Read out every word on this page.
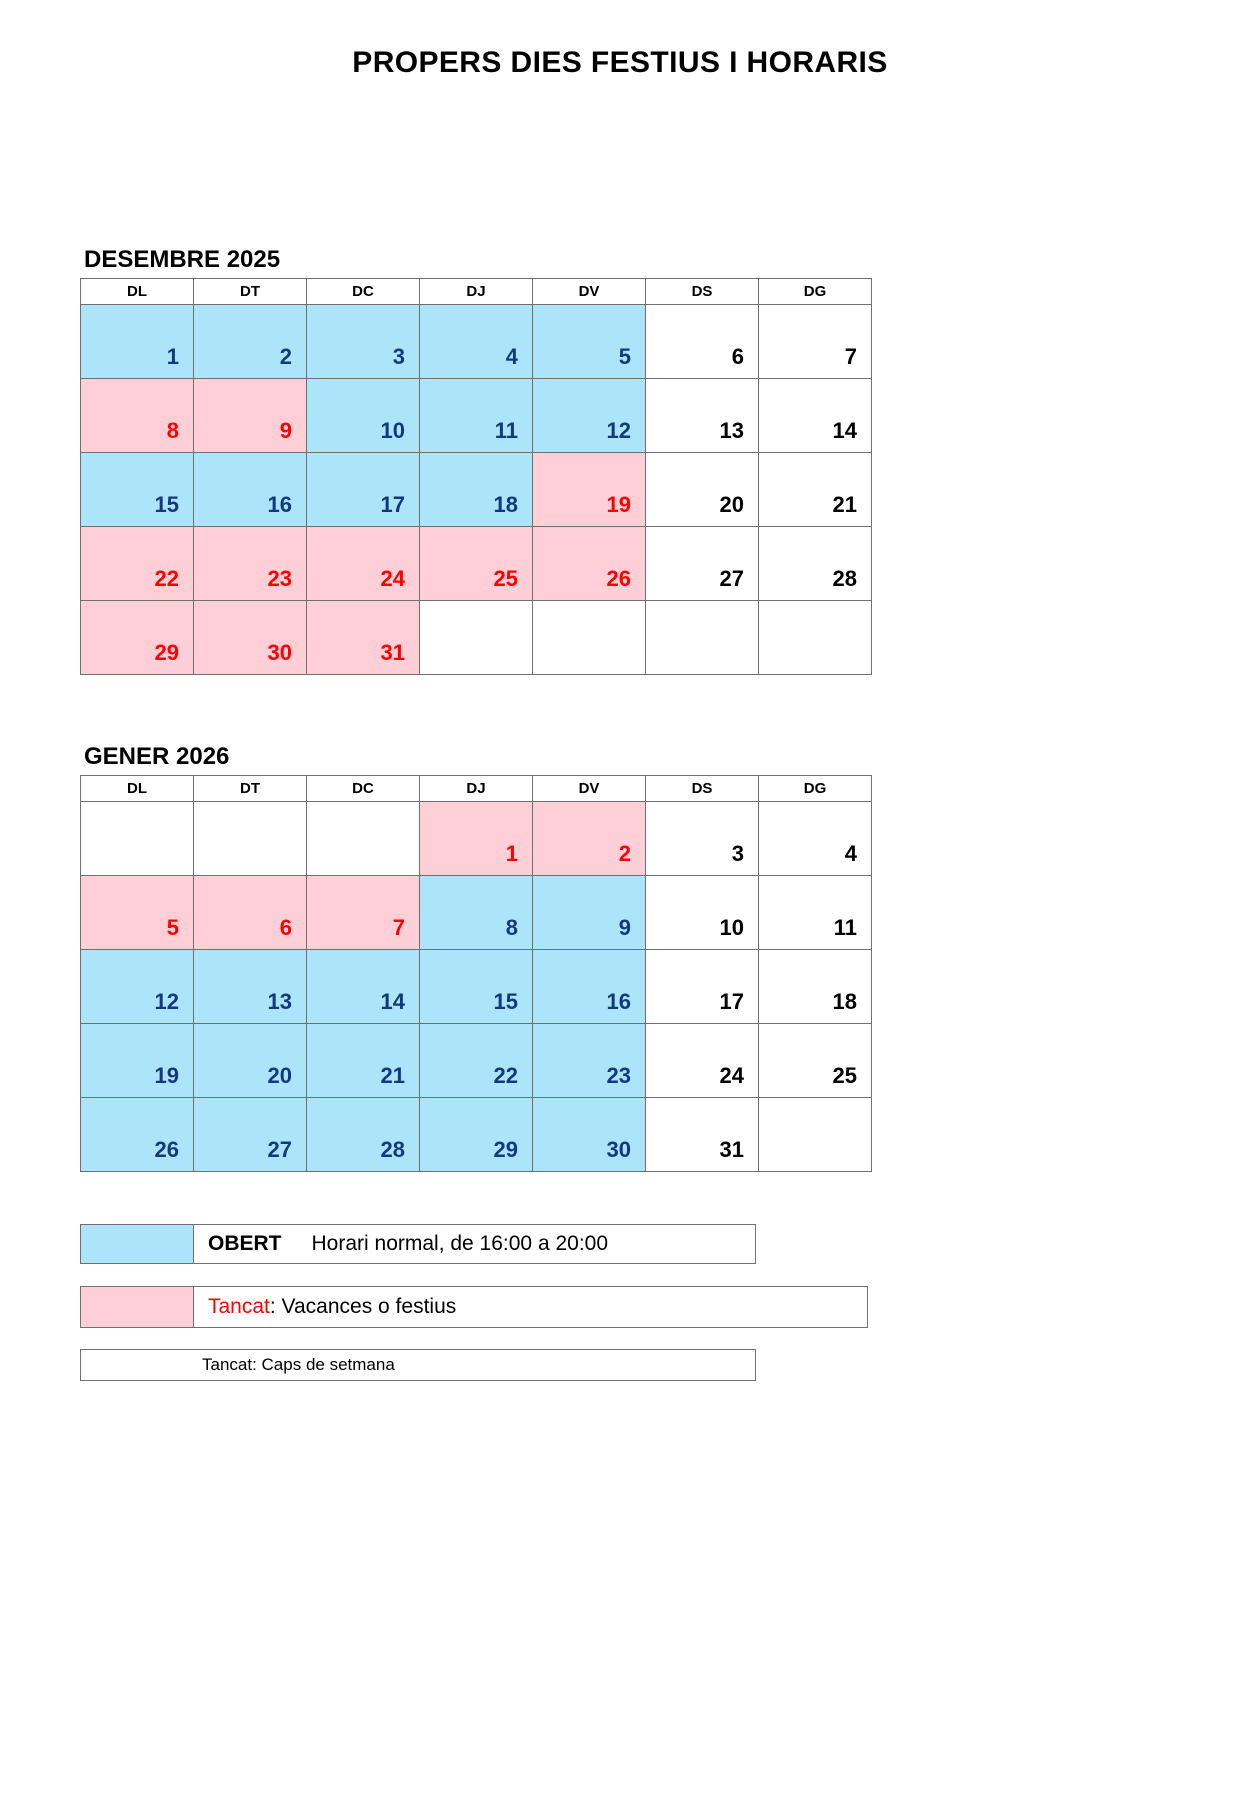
PROPERS DIES FESTIUS I HORARIS
DESEMBRE 2025
DL	DT	DC	DJ	DV	DS	DG
1	2	3	4	5	6	7
8	9	10	11	12	13	14
15	16	17	18	19	20	21
22	23	24	25	26	27	28
29	30	31				
GENER 2026
DL	DT	DC	DJ	DV	DS	DG
			1	2	3	4
5	6	7	8	9	10	11
12	13	14	15	16	17	18
19	20	21	22	23	24	25
26	27	28	29	30	31	
OBERT Horari normal, de 16:00 a 20:00
Tancat : Vacances o festius
Tancat: Caps de setmana
